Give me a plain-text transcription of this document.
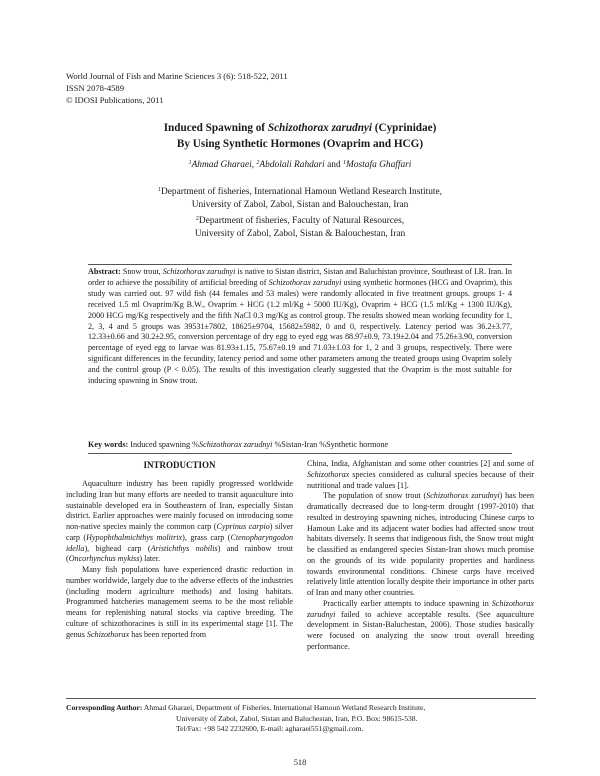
World Journal of Fish and Marine Sciences 3 (6): 518-522, 2011
ISSN 2078-4589
© IDOSI Publications, 2011
Induced Spawning of Schizothorax zarudnyi (Cyprinidae)
By Using Synthetic Hormones (Ovaprim and HCG)
$^1$Ahmad Gharaei, $^2$Abdolali Rahdari and $^1$Mostafa Ghaffari
$^1$Department of fisheries, International Hamoun Wetland Research Institute,
University of Zabol, Zabol, Sistan and Balouchestan, Iran
$^2$Department of fisheries, Faculty of Natural Resources,
University of Zabol, Zabol, Sistan & Balouchestan, Iran
Abstract: Snow trout, Schizothorax zarudnyi is native to Sistan district, Sistan and Baluchistan province, Southeast of I.R. Iran. In order to achieve the possibility of artificial breeding of Schizothorax zarudnyi using synthetic hormones (HCG and Ovaprim), this study was carried out. 97 wild fish (44 females and 53 males) were randomly allocated in five treatment groups. groups 1- 4 received 1.5 ml Ovaprim/Kg B.W., Ovaprim + HCG (1.2 ml/Kg + 5000 IU/Kg), Ovaprim + HCG (1.5 ml/Kg + 1300 IU/Kg), 2000 HCG mg/Kg respectively and the fifth NaCl 0.3 mg/Kg as control group. The results showed mean working fecundity for 1, 2, 3, 4 and 5 groups was 39531±7802, 18625±9704, 15682±5982, 0 and 0, respectively. Latency period was 36.2±3.77, 12.33±0.66 and 30.2±2.95, conversion percentage of dry egg to eyed egg was 88.97±0.9, 73.19±2.04 and 75.26±3.90, conversion percentage of eyed egg to larvae was 81.93±1.15, 75.67±0.19 and 71.03±1.03 for 1, 2 and 3 groups, respectively. There were significant differences in the fecundity, latency period and some other parameters among the treated groups using Ovaprim solely and the control group (P < 0.05). The results of this investigation clearly suggested that the Ovaprim is the most suitable for inducing spawning in Snow trout.
Key words: Induced spawning %Schizothorax zarudnyi %Sistan-Iran %Synthetic hormone
INTRODUCTION

Aquaculture industry has been rapidly progressed worldwide including Iran but many efforts are needed to transit aquaculture into sustainable developed era in Southeastern of Iran, especially Sistan district. Earlier approaches were mainly focused on introducing some non-native species mainly the common carp (Cyprinus carpio) silver carp (Hypophthalmichthys molitrix), grass carp (Ctenopharyngodon idella), bighead carp (Aristichthys nobilis) and rainbow trout (Oncorhynchus mykiss) later.

Many fish populations have experienced drastic reduction in number worldwide, largely due to the adverse effects of the industries (including modern agriculture methods) and losing habitats. Programmed hatcheries management seems to be the most reliable means for replenishing natural stocks via captive breeding. The culture of schizothoracines is still in its experimental stage [1]. The genus Schizothorax has been reported from

China, India, Afghanistan and some other countries [2] and some of Schizothorax species considered as cultural species because of their nutritional and trade values [1].

The population of snow trout (Schizothorax zarudnyi) has been dramatically decreased due to long-term drought (1997-2010) that resulted in destroying spawning niches, introducing Chinese carps to Hamoun Lake and its adjacent water bodies had affected snow trout habitats diversely. It seems that indigenous fish, the Snow trout might be classified as endangered species Sistan-Iran shows much promise on the grounds of its wide popularity properties and hardiness towards environmental conditions. Chinese carps have received relatively little attention locally despite their importance in other parts of Iran and many other countries.

Practically earlier attempts to induce spawning in Schizothorax zarudnyi failed to achieve acceptable results. (See aquaculture development in Sistan-Baluchestan, 2006). Those studies basically were focused on analyzing the snow trout overall breeding performance.

Corresponding Author: Ahmad Gharaei, Department of Fisheries, International Hamoun Wetland Research Institute,
University of Zabol, Zabol, Sistan and Baluchestan, Iran, P.O. Box: 98615-538.
Tel/Fax: +98 542 2232600, E-mail: agharaei551@gmail.com.
518
